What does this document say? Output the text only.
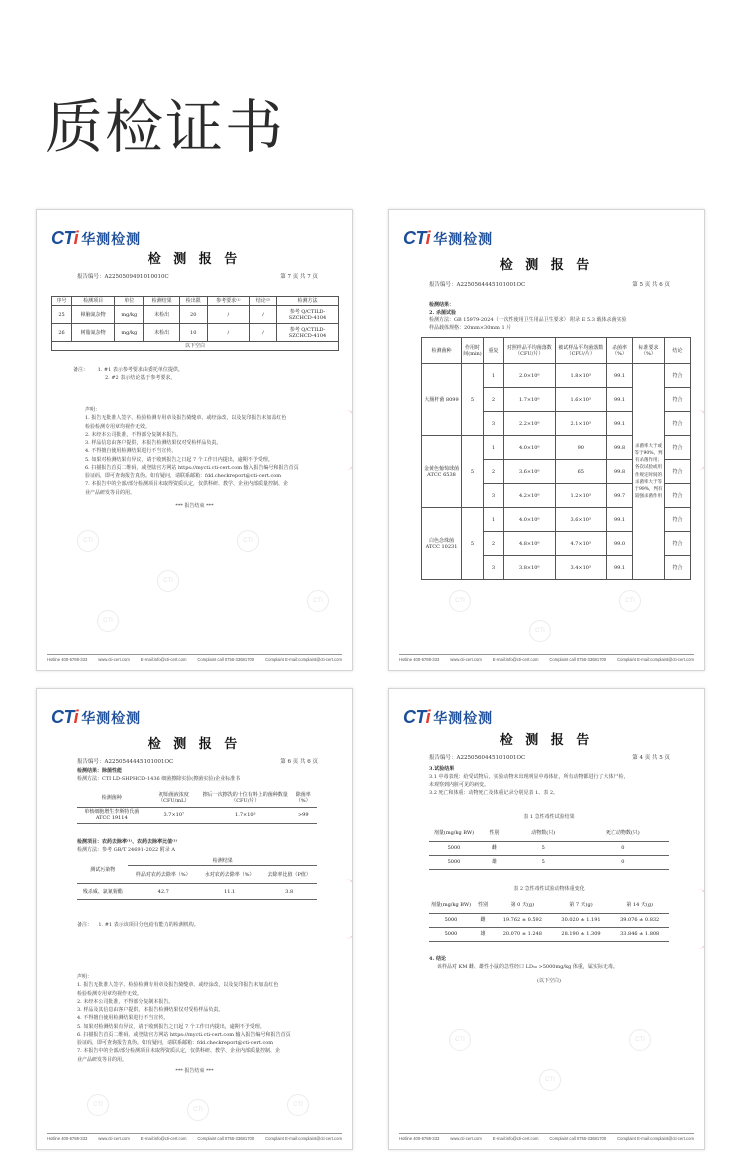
质检证书
CTi 华测检测
检 测 报 告
报告编号：A2250509491010010C	第 7 页 共 7 页
序号	检测项目	单位	检测结果	检出限	参考要求⁽¹⁾	结论⁽²⁾	检测方法
25	樟脑氮杂物	mg/kg	未检出	20	/	/	参考 Q/CTILD-SZCHCD-4104
26	树脂氮杂物	mg/kg	未检出	10	/	/	参考 Q/CTILD-SZCHCD-4104
以下空白							

备注： 1. #1 表示参考要求由委托单位提供。

2. #2 表示结论基于参考要求。

声明：

1. 报告无批准人签字、检验检测专用章及报告骑缝章、或经涂改，以及复印报告未加盖红色

检验检测专用章均视作无效。

2. 未经本公司批准，不得部分复制本报告。

3. 样品信息由客户提供，本报告检测结果仅对受检样品负责。

4. 不得擅自使用检测结果进行不当宣传。

5. 如果对检测结果有异议，请于收到报告之日起 7 个工作日内提出，逾期不予受理。

6. 扫描报告首页二维码，或登陆官方网站 https://mycti.cti-cert.com 输入报告编号和报告首页

验证码，即可查询报告真伪。如有疑问，请联系邮箱：fdd.checkreport@cti-cert.com

7. 本报告中的全部/部分检测项目未取得资质认定，仅供科研、教学、企业内部质量控制、企

业产品研发等目的用。

*** 报告结束 ***
CTI
CTI
CTI
CTI
CTI
Hotline 400-6788-333	www.cti-cert.com	E-mail:info@cti-cert.com	Complaint call 0755-33681700	Complaint E-mail:complaint@cti-cert.com
CTi 华测检测
检 测 报 告
报告编号：A2250564445101001OC	第 5 页 共 6 页

检测结果：

2. 杀菌试验

检测方法：GB 15979-2024（一次性使用卫生用品卫生要求） 附录 E 5.3 载体杀菌实验

样品载体规格：20mm×30mm 1 片

检测菌种	作用时间(min)	重复	对照样品平均菌落数（CFU/片）	被试样品平均菌落数（CFU/片）	杀菌率（%）	标准要求（%）	结论
大肠杆菌 8099	5	1	2.0×10⁶	1.8×10³	99.1	杀菌率大于或等于90%，判有杀菌作用；各次试验或用作规定时间的杀菌率大于等于99%，判有较强杀菌作用	符合
		2	1.7×10⁶	1.6×10³	99.1		符合
		3	2.2×10⁶	2.1×10³	99.1		符合
金黄色葡萄球菌 ATCC 6538	5	1	4.0×10⁶	90	99.8		符合
		2	3.6×10⁶	65	99.8		符合
		3	4.2×10⁶	1.2×10³	99.7		符合
白色念珠菌 ATCC 10231	5	1	4.0×10⁶	3.6×10³	99.1		符合
		2	4.8×10⁶	4.7×10³	99.0		符合
		3	3.8×10⁶	3.4×10³	99.1		符合
CTI
CTI
CTI
Hotline 400-6788-333	www.cti-cert.com	E-mail:info@cti-cert.com	Complaint call 0755-33681700	Complaint E-mail:complaint@cti-cert.com
CTi 华测检测
检 测 报 告
报告编号：A2250544445101001OC	第 6 页 共 6 页

检测结果：除菌性能

检测方法：CTI LD-SHPHCD-1436 细菌擦除实验(擦菌实验)企业标准书

检测菌种	初始菌液浓度（CFU/mL）	擦后一次擦洗的十位有料上的菌种数量（CFU/片）	除菌率（%）
单核细胞增生李斯特氏菌 ATCC 19114	3.7×10⁷	1.7×10³	>99

检测项目：农药去除率⁽¹⁾、农药去除率比值⁽¹⁾

检测方法：参考 GB/T 24691-2022 附录 A

测试污染物	检测结果		
	样品对农药去除率（%）	水对农药去除率（%）	去除率比值（P值）
残杀威、氯氰菊酯	42.7	11.1	3.8

备注： 1. #1 表示该项目分包给有能力的检测机构。

声明：

1. 报告无批准人签字、检验检测专用章及报告骑缝章、或经涂改，以及复印报告未加盖红色

检验检测专用章均视作无效。

2. 未经本公司批准，不得部分复制本报告。

3. 样品及其信息由客户提供，本报告检测结果仅对受检样品负责。

4. 不得擅自使用检测结果进行不当宣传。

5. 如果对检测结果有异议，请于收到报告之日起 7 个工作日内提出，逾期不予受理。

6. 扫描报告首页二维码，或登陆官方网站 https://mycti.cti-cert.com 输入报告编号和报告首页

验证码，即可查询报告真伪。如有疑问，请联系邮箱：fdd.checkreport@cti-cert.com

7. 本报告中的全部/部分检测项目未取得资质认定，仅供科研、教学、企业内部质量控制、企

业产品研发等目的用。

*** 报告结束 ***
CTI
CTI
CTI
Hotline 400-6788-333	www.cti-cert.com	E-mail:info@cti-cert.com	Complaint call 0755-33681700	Complaint E-mail:complaint@cti-cert.com
CTi 华测检测
检 测 报 告
报告编号：A2250560445101001OC	第 4 页 共 5 页

3.试验结果

3.1 中毒表现：给受试物后，实验动物未出现明显中毒体征，所有动物都进行了大体尸检，

未观察到内脏可见的病变。

3.2 死亡和体重：动物死亡及体重记录分别见表 1、表 2。

表 1 急性毒性试验结果
剂量(mg/kg BW)	性别	动物数(只)	死亡动物数(只)
5000	雌	5	0
5000	雄	5	0
表 2 急性毒性试验动物体重变化
剂量(mg/kg BW)	性别	第 0 天(g)	第 7 天(g)	第 14 天(g)
5000	雌	19.762 ± 0.592	30.020 ± 1.191	39.076 ± 0.832
5000	雄	20.070 ± 1.248	28.190 ± 1.309	33.846 ± 1.808

4. 结论

该样品对 KM 雌、雄性小鼠的急性经口 LD₅₀ >5000mg/kg 体重，属实际无毒。

(以下空白)
CTI
CTI
CTI
Hotline 400-6788-333	www.cti-cert.com	E-mail:info@cti-cert.com	Complaint call 0755-33681700	Complaint E-mail:complaint@cti-cert.com
